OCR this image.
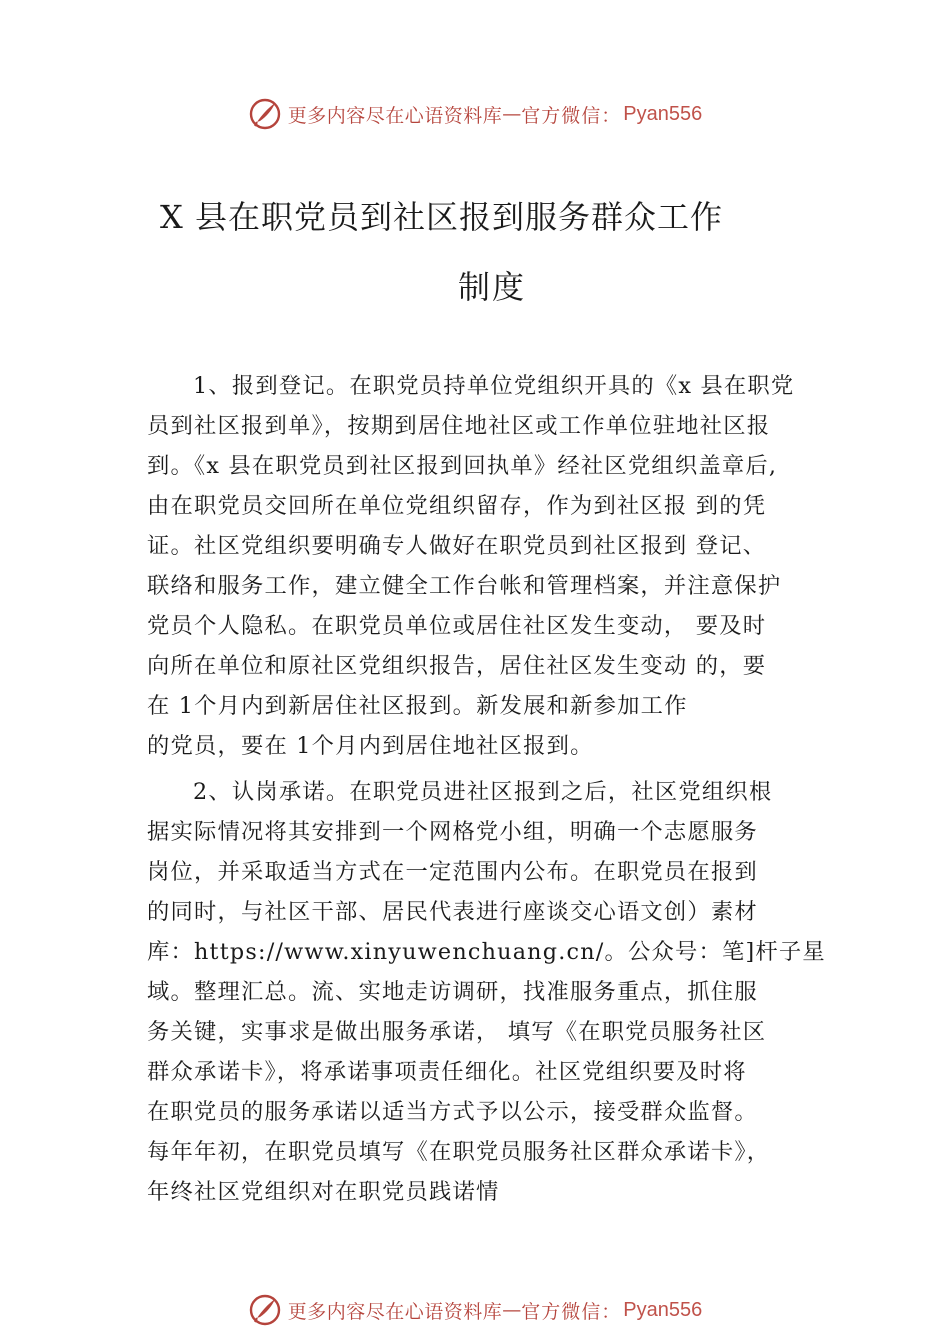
更多内容尽在心语资料库 — 官方微信： Pyan556
X 县在职党员到社区报到服务群众工作
制度
1、报到登记。在职党员持单位党组织开具的《x 县在职党
员到社区报到单》，按期到居住地社区或工作单位驻地社区报
到。《x 县在职党员到社区报到回执单》经社区党组织盖章后,
由在职党员交回所在单位党组织留存，作为到社区报 到的凭
证。社区党组织要明确专人做好在职党员到社区报到 登记、
联络和服务工作，建立健全工作台帐和管理档案，并注意保护
党员个人隐私。在职党员单位或居住社区发生变动， 要及时
向所在单位和原社区党组织报告，居住社区发生变动 的，要
在 1个月内到新居住社区报到。新发展和新参加工作
的党员，要在 1个月内到居住地社区报到。
2、认岗承诺。在职党员进社区报到之后，社区党组织根
据实际情况将其安排到一个网格党小组，明确一个志愿服务
岗位，并采取适当方式在一定范围内公布。在职党员在报到
的同时，与社区干部、居民代表进行座谈交心语文创）素材
库：https://www.xinyuwenchuang.cn/。公众号：笔]杆子星
域。整理汇总。流、实地走访调研，找准服务重点，抓住服
务关键，实事求是做出服务承诺， 填写《在职党员服务社区
群众承诺卡》，将承诺事项责任细化。社区党组织要及时将
在职党员的服务承诺以适当方式予以公示，接受群众监督。
每年年初，在职党员填写《在职党员服务社区群众承诺卡》，
年终社区党组织对在职党员践诺情
更多内容尽在心语资料库 — 官方微信： Pyan556
